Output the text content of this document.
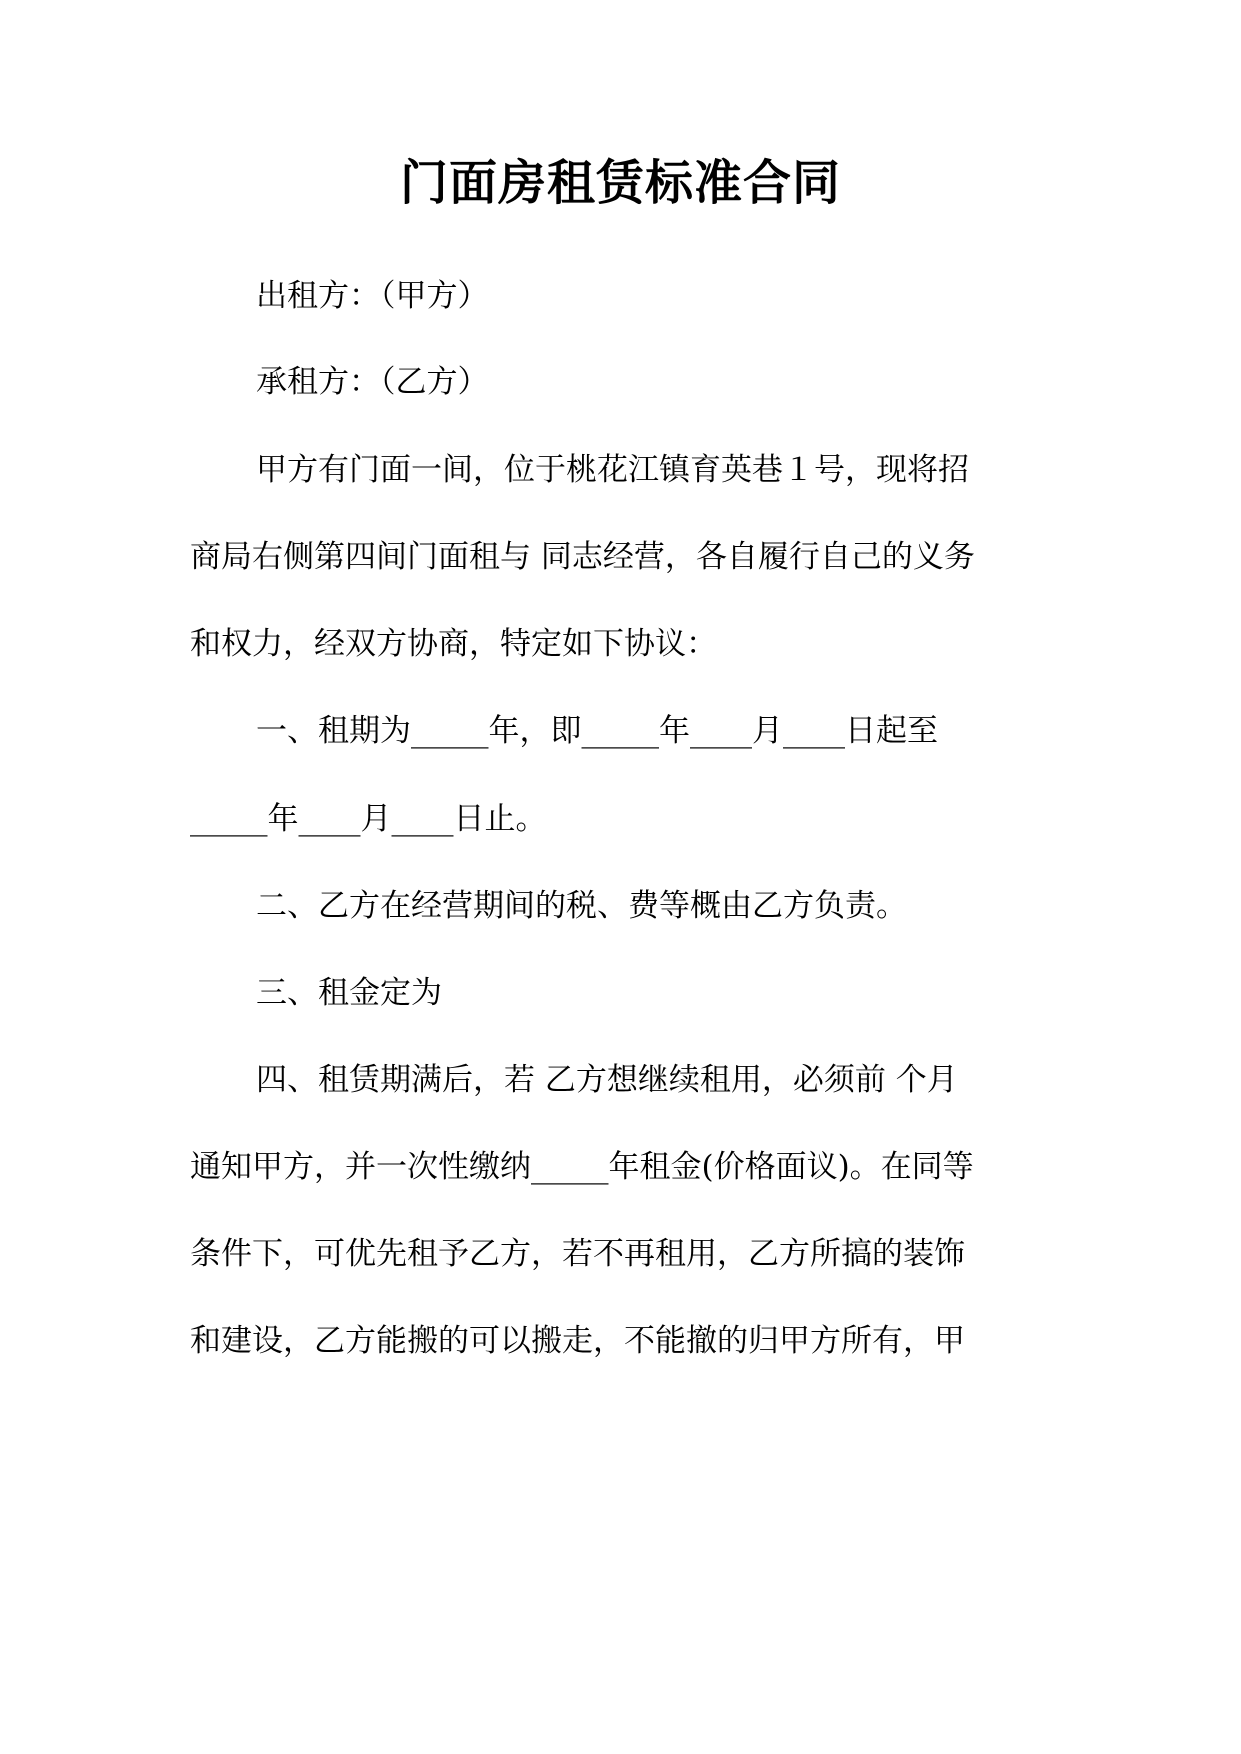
门面房租赁标准合同

出租方：（甲方）

承租方：（乙方）

甲方有门面一间，位于桃花江镇育英巷１号，现将招

商局右侧第四间门面租与 同志经营，各自履行自己的义务

和权力，经双方协商，特定如下协议：

一、租期为_____年，即_____年____月____日起至

_____年____月____日止。

二、乙方在经营期间的税、费等概由乙方负责。

三、租金定为

四、租赁期满后，若 乙方想继续租用，必须前 个月

通知甲方，并一次性缴纳_____年租金(价格面议)。在同等

条件下，可优先租予乙方，若不再租用，乙方所搞的装饰

和建设，乙方能搬的可以搬走，不能撤的归甲方所有，甲
